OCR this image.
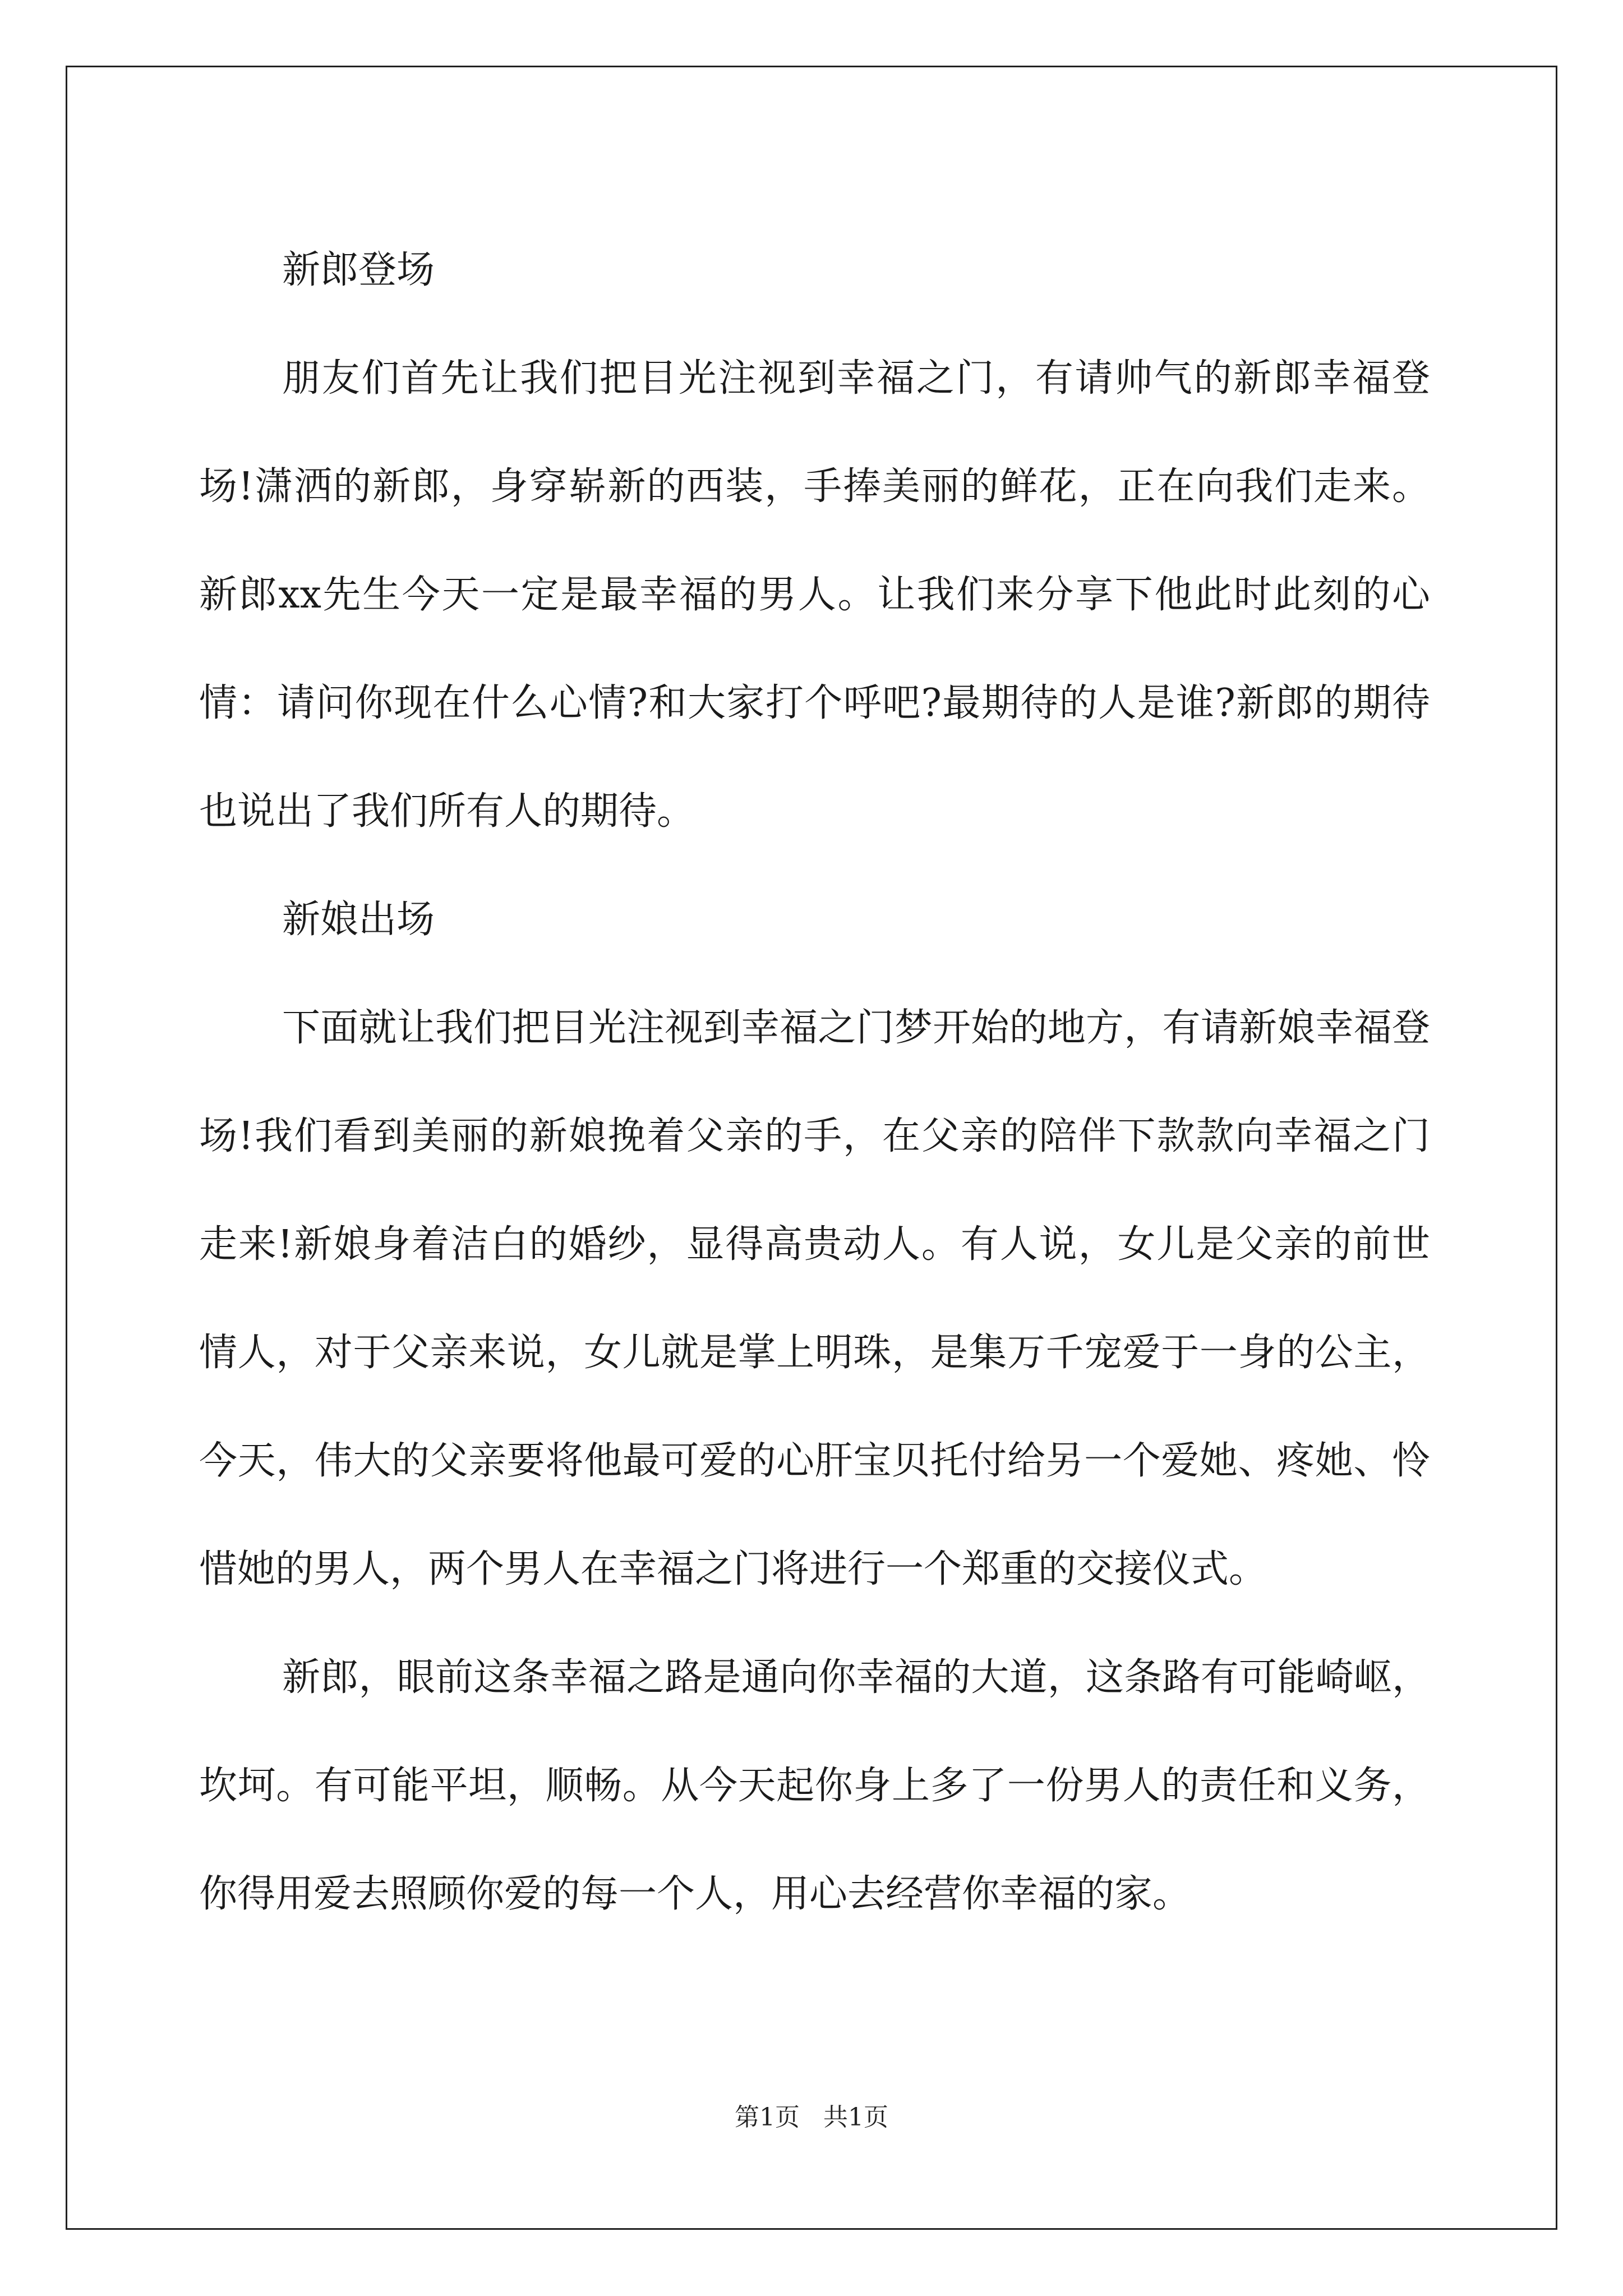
新郎登场

朋友们首先让我们把目光注视到幸福之门，有请帅气的新郎幸福登场!潇洒的新郎，身穿崭新的西装，手捧美丽的鲜花，正在向我们走来。新郎xx先生今天一定是最幸福的男人。让我们来分享下他此时此刻的心情：请问你现在什么心情?和大家打个呼吧?最期待的人是谁?新郎的期待也说出了我们所有人的期待。

新娘出场

下面就让我们把目光注视到幸福之门梦开始的地方，有请新娘幸福登场!我们看到美丽的新娘挽着父亲的手，在父亲的陪伴下款款向幸福之门走来!新娘身着洁白的婚纱，显得高贵动人。有人说，女儿是父亲的前世情人，对于父亲来说，女儿就是掌上明珠，是集万千宠爱于一身的公主，今天，伟大的父亲要将他最可爱的心肝宝贝托付给另一个爱她、疼她、怜惜她的男人，两个男人在幸福之门将进行一个郑重的交接仪式。

新郎，眼前这条幸福之路是通向你幸福的大道，这条路有可能崎岖，坎坷。有可能平坦，顺畅。从今天起你身上多了一份男人的责任和义务，你得用爱去照顾你爱的每一个人，用心去经营你幸福的家。

第1页 共1页
